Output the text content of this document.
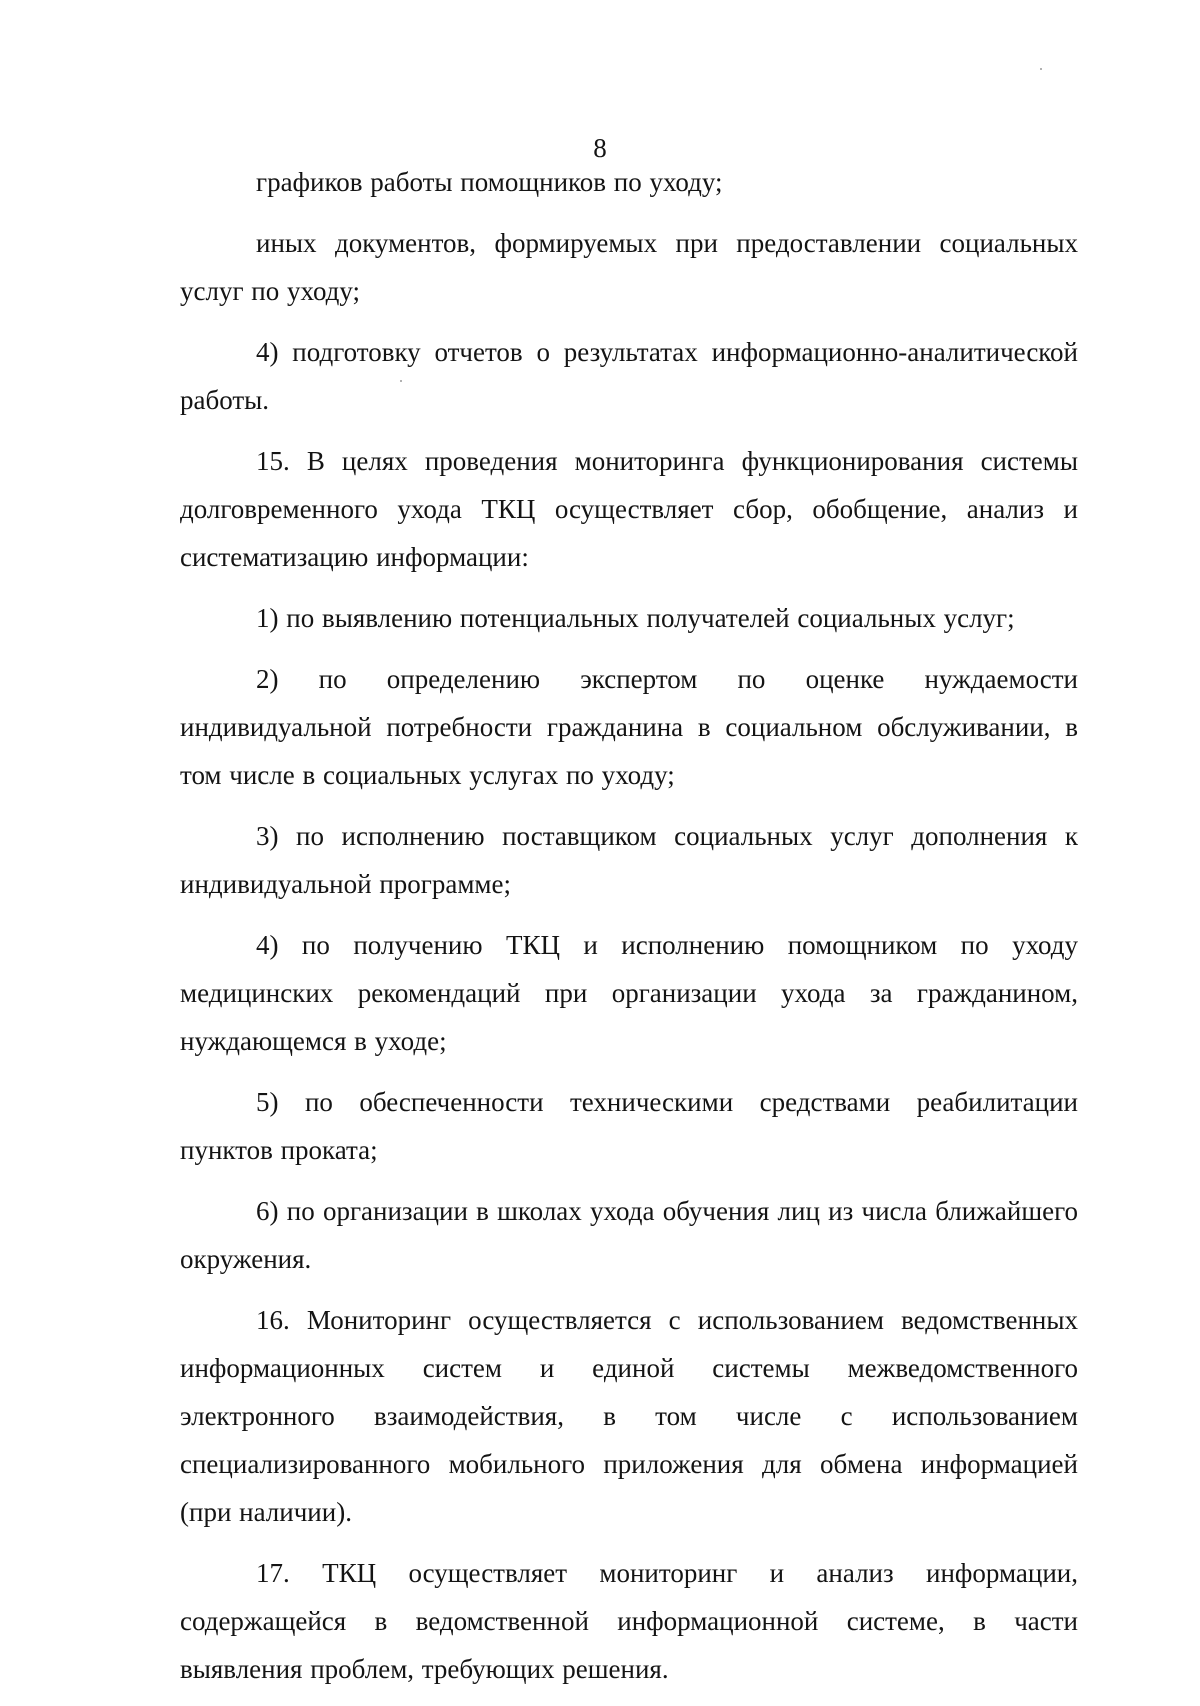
8

графиков работы помощников по уходу;

иных документов, формируемых при предоставлении социальных услуг по уходу;

4) подготовку отчетов о результатах информационно-аналитической работы.

15. В целях проведения мониторинга функционирования системы долговременного ухода ТКЦ осуществляет сбор, обобщение, анализ и систематизацию информации:

1) по выявлению потенциальных получателей социальных услуг;

2) по определению экспертом по оценке нуждаемости индивидуальной потребности гражданина в социальном обслуживании, в том числе в социальных услугах по уходу;

3) по исполнению поставщиком социальных услуг дополнения к индивидуальной программе;

4) по получению ТКЦ и исполнению помощником по уходу медицинских рекомендаций при организации ухода за гражданином, нуждающемся в уходе;

5) по обеспеченности техническими средствами реабилитации пунктов проката;

6) по организации в школах ухода обучения лиц из числа ближайшего окружения.

16. Мониторинг осуществляется с использованием ведомственных информационных систем и единой системы межведомственного электронного взаимодействия, в том числе с использованием специализированного мобильного приложения для обмена информацией (при наличии).

17. ТКЦ осуществляет мониторинг и анализ информации, содержащейся в ведомственной информационной системе, в части выявления проблем, требующих решения.
